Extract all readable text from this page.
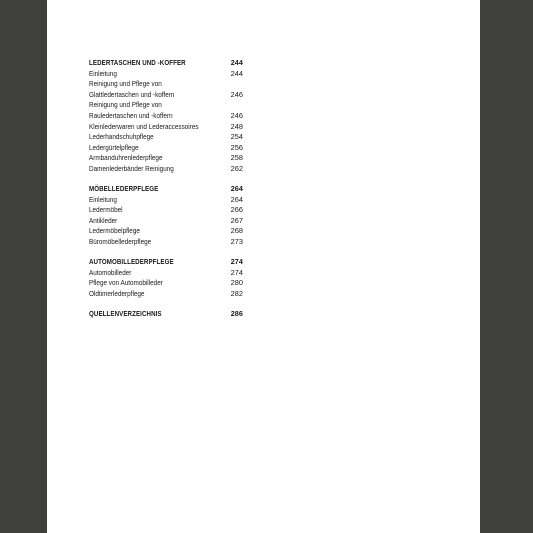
LEDERTASCHEN UND -KOFFER	244
Einleitung	244
Reinigung und Pflege von
Glattledertaschen und -koffern	246
Reinigung und Pflege von
Rauledertaschen und -koffern	246
Kleinlederwaren und Lederaccessoires	248
Lederhandschuhpflege	254
Ledergürtelpflege	256
Armbanduhrenlederpflege	258
Damenlederbänder Reinigung	262
MÖBELLEDERPFLEGE	264
Einleitung	264
Ledermöbel	266
Antikleder	267
Ledermöbelpflege	268
Büromöbellederpflege	273
AUTOMOBILLEDERPFLEGE	274
Automobilleder	274
Pflege von Automobilleder	280
Oldtimerlederpflege	282
QUELLENVERZEICHNIS	286
